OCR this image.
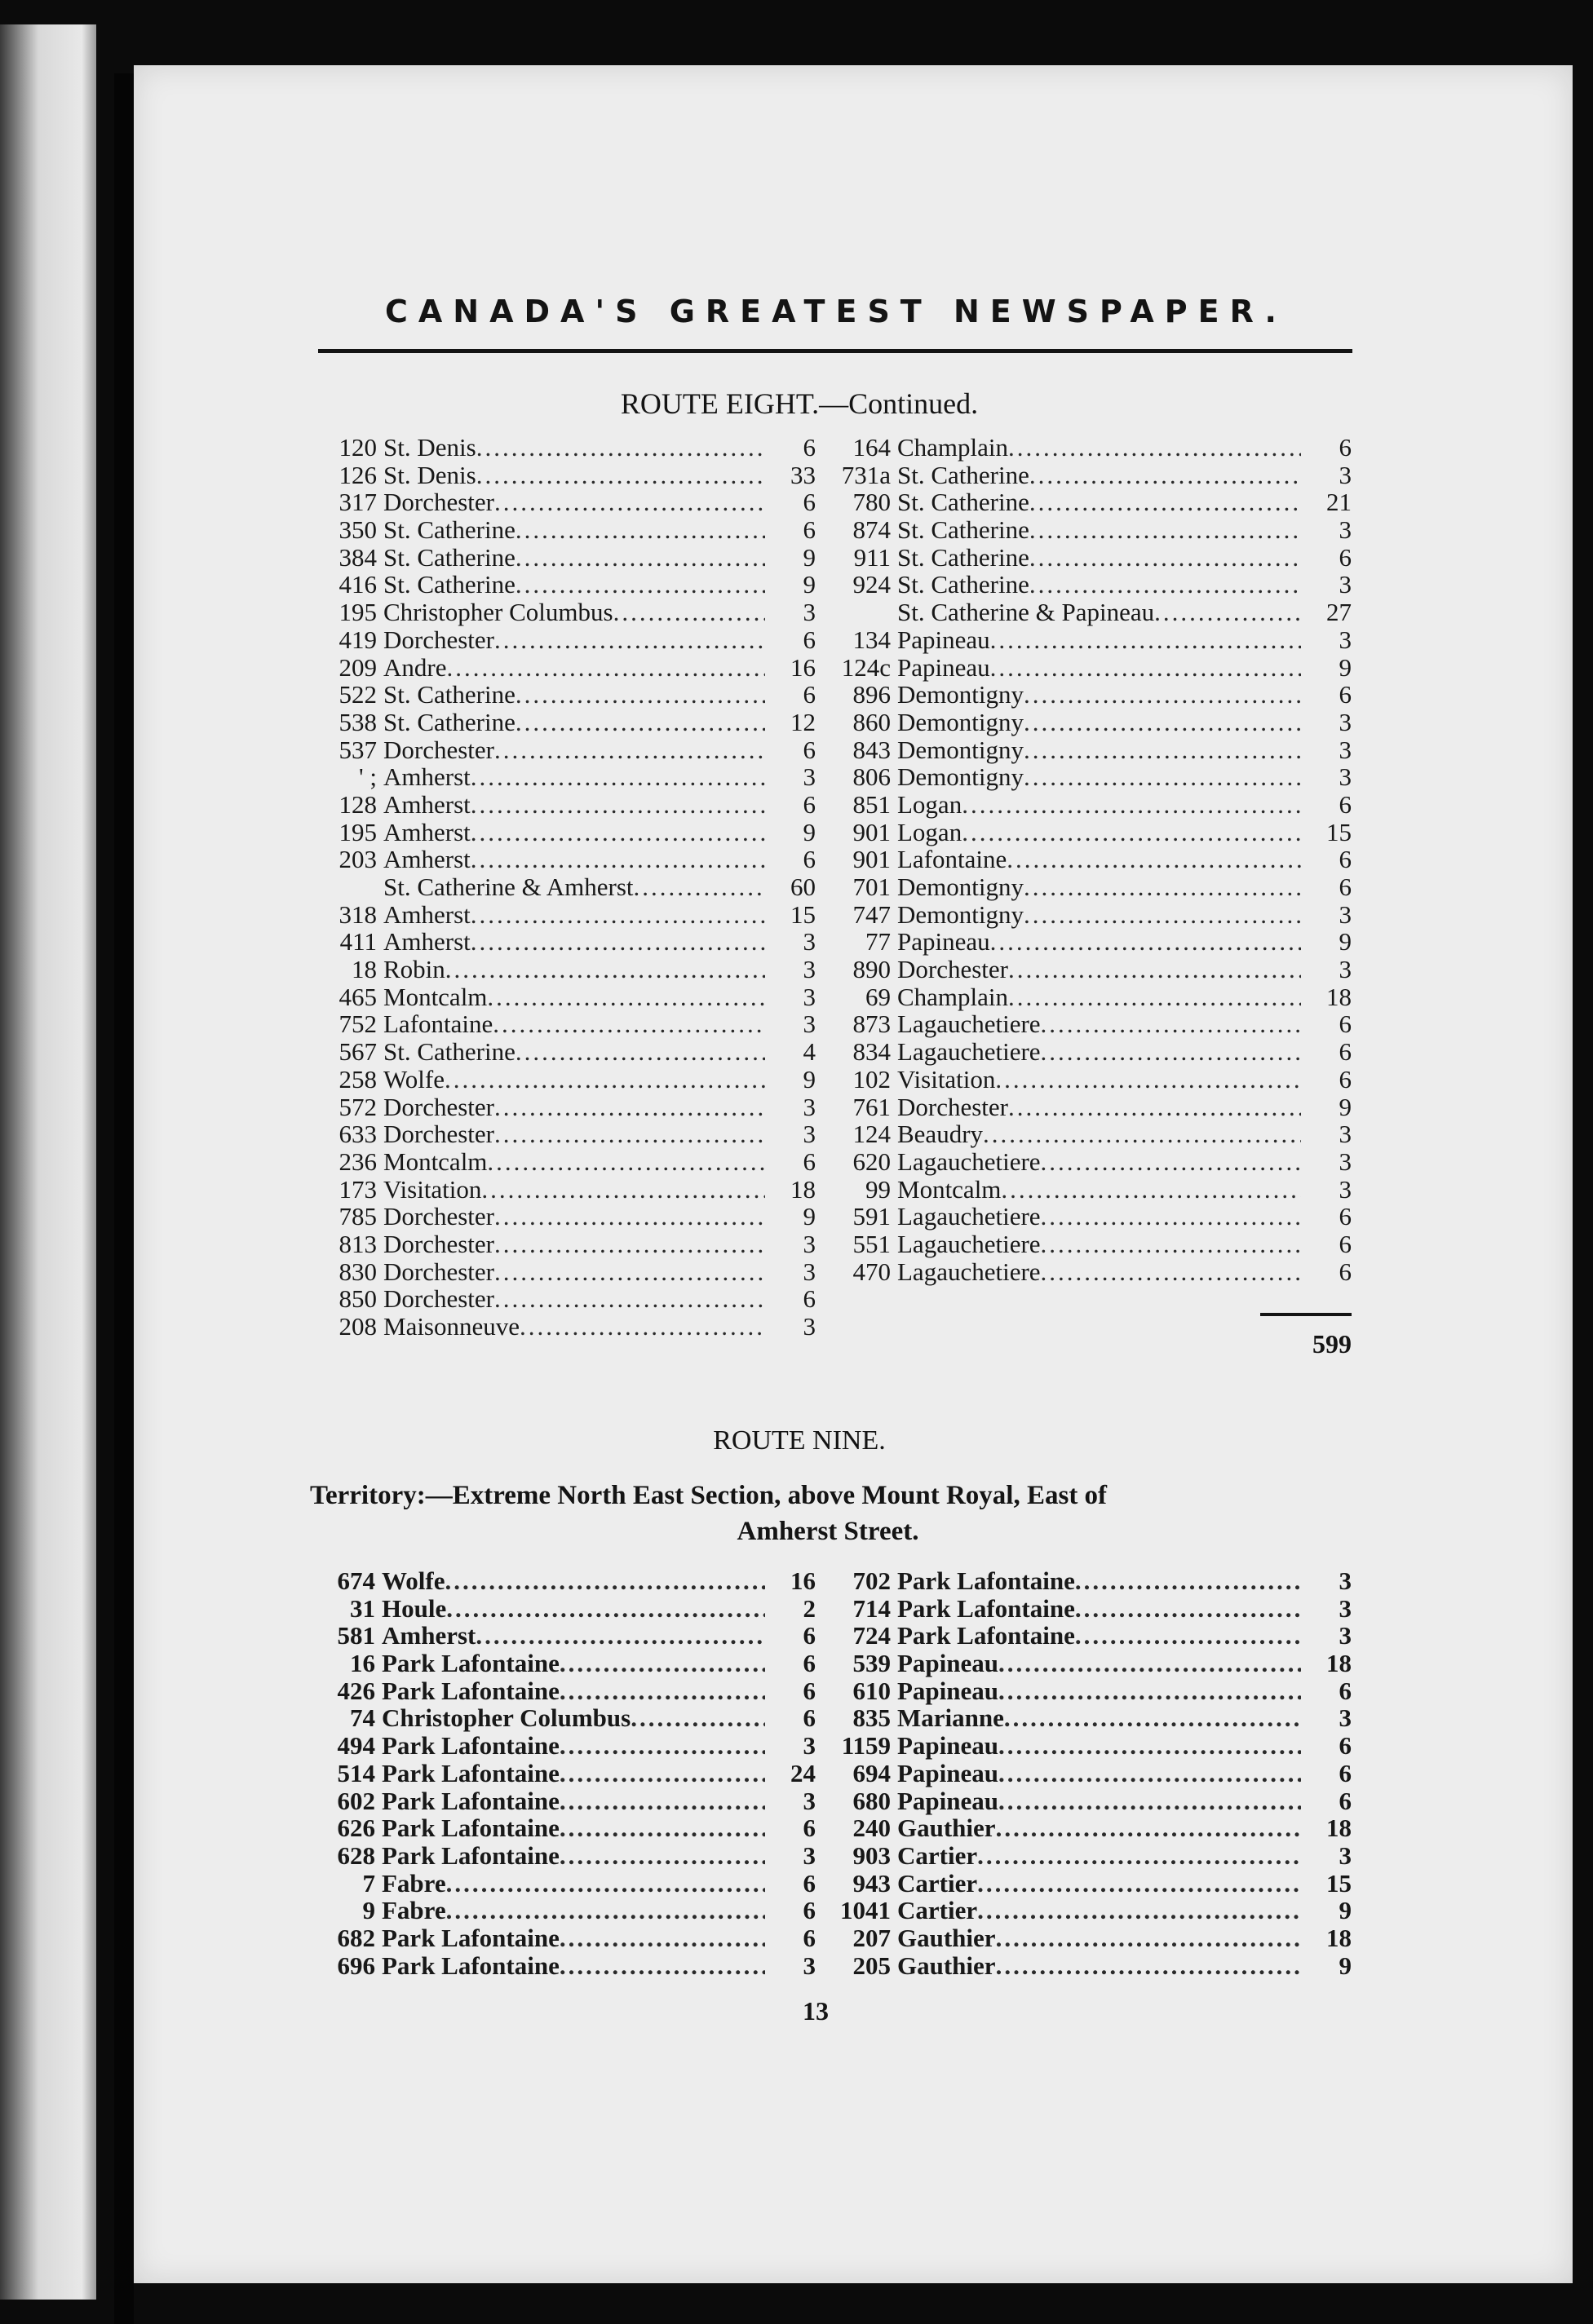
CANADA'S GREATEST NEWSPAPER.
ROUTE EIGHT.—Continued.
120 St. Denis .....	6
126 St. Denis .....	33
317 Dorchester .....	6
350 St. Catherine .....	6
384 St. Catherine .....	9
416 St. Catherine .....	9
195 Christopher Columbus .....	3
419 Dorchester .....	6
209 Andre .....	16
522 St. Catherine .....	6
538 St. Catherine .....	12
537 Dorchester .....	6
' ; Amherst .....	3
128 Amherst .....	6
195 Amherst .....	9
203 Amherst .....	6
St. Catherine & Amherst .....	60
318 Amherst .....	15
411 Amherst .....	3
18 Robin .....	3
465 Montcalm .....	3
752 Lafontaine .....	3
567 St. Catherine .....	4
258 Wolfe .....	9
572 Dorchester .....	3
633 Dorchester .....	3
236 Montcalm .....	6
173 Visitation .....	18
785 Dorchester .....	9
813 Dorchester .....	3
830 Dorchester .....	3
850 Dorchester .....	6
208 Maisonneuve .....	3
164 Champlain .....	6
731a St. Catherine .....	3
780 St. Catherine .....	21
874 St. Catherine .....	3
911 St. Catherine .....	6
924 St. Catherine .....	3
St. Catherine & Papineau .....	27
134 Papineau .....	3
124c Papineau .....	9
896 Demontigny .....	6
860 Demontigny .....	3
843 Demontigny .....	3
806 Demontigny .....	3
851 Logan .....	6
901 Logan .....	15
901 Lafontaine .....	6
701 Demontigny .....	6
747 Demontigny .....	3
77 Papineau .....	9
890 Dorchester .....	3
69 Champlain .....	18
873 Lagauchetiere .....	6
834 Lagauchetiere .....	6
102 Visitation .....	6
761 Dorchester .....	9
124 Beaudry .....	3
620 Lagauchetiere .....	3
99 Montcalm .....	3
591 Lagauchetiere .....	6
551 Lagauchetiere .....	6
470 Lagauchetiere .....	6
599
ROUTE NINE.
Territory:—Extreme North East Section, above Mount Royal, East of
Amherst Street.
674 Wolfe .....	16
31 Houle .....	2
581 Amherst .....	6
16 Park Lafontaine .....	6
426 Park Lafontaine .....	6
74 Christopher Columbus .....	6
494 Park Lafontaine .....	3
514 Park Lafontaine .....	24
602 Park Lafontaine .....	3
626 Park Lafontaine .....	6
628 Park Lafontaine .....	3
7 Fabre .....	6
9 Fabre .....	6
682 Park Lafontaine .....	6
696 Park Lafontaine .....	3
702 Park Lafontaine .....	3
714 Park Lafontaine .....	3
724 Park Lafontaine .....	3
539 Papineau .....	18
610 Papineau .....	6
835 Marianne .....	3
1159 Papineau .....	6
694 Papineau .....	6
680 Papineau .....	6
240 Gauthier .....	18
903 Cartier .....	3
943 Cartier .....	15
1041 Cartier .....	9
207 Gauthier .....	18
205 Gauthier .....	9
13
